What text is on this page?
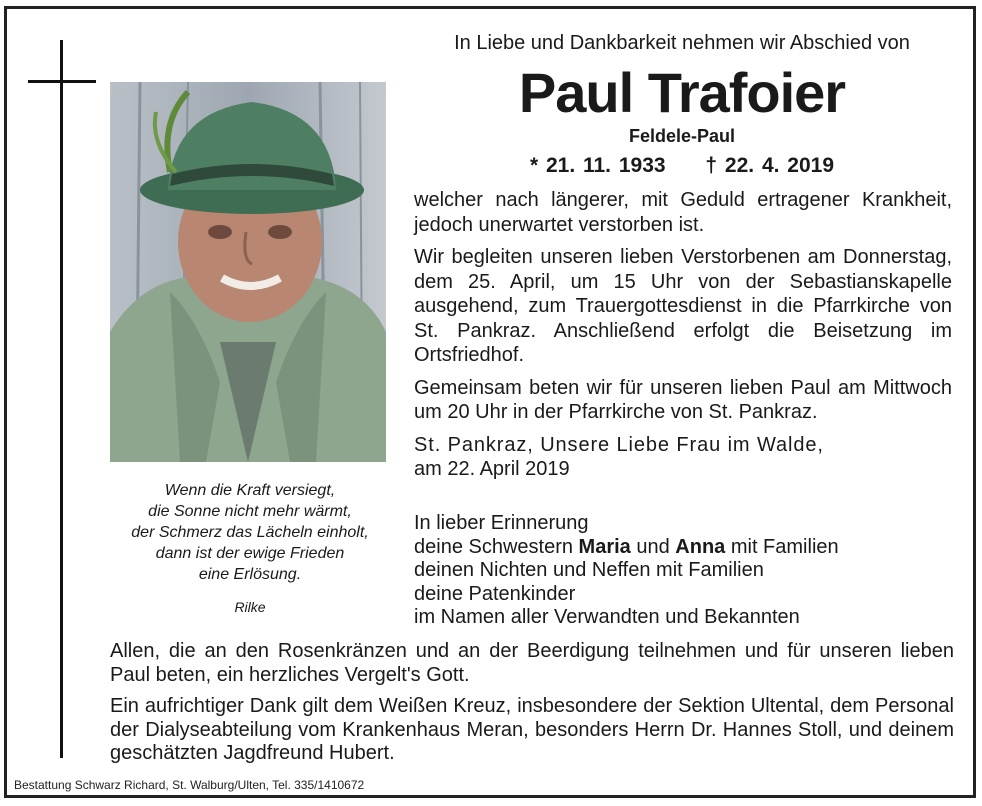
Wenn die Kraft versiegt,
die Sonne nicht mehr wärmt,
der Schmerz das Lächeln einholt,
dann ist der ewige Frieden
eine Erlösung.
Rilke
In Liebe und Dankbarkeit nehmen wir Abschied von
Paul Trafoier
Feldele-Paul
* 21. 11. 1933 † 22. 4. 2019

welcher nach längerer, mit Geduld ertragener Krankheit, jedoch unerwartet verstorben ist.

Wir begleiten unseren lieben Verstorbenen am Donnerstag, dem 25. April, um 15 Uhr von der Sebastianskapelle ausgehend, zum Trauergottesdienst in die Pfarrkirche von St. Pankraz. Anschließend erfolgt die Beisetzung im Ortsfriedhof.

Gemeinsam beten wir für unseren lieben Paul am Mittwoch um 20 Uhr in der Pfarrkirche von St. Pankraz.

St. Pankraz, Unsere Liebe Frau im Walde,

am 22. April 2019

In lieber Erinnerung
deine Schwestern Maria und Anna mit Familien
deinen Nichten und Neffen mit Familien
deine Patenkinder
im Namen aller Verwandten und Bekannten

Allen, die an den Rosenkränzen und an der Beerdigung teilnehmen und für unseren lieben Paul beten, ein herzliches Vergelt's Gott.

Ein aufrichtiger Dank gilt dem Weißen Kreuz, insbesondere der Sektion Ultental, dem Personal der Dialyseabteilung vom Krankenhaus Meran, besonders Herrn Dr. Hannes Stoll, und deinem geschätzten Jagdfreund Hubert.

Bestattung Schwarz Richard, St. Walburg/Ulten, Tel. 335/1410672
